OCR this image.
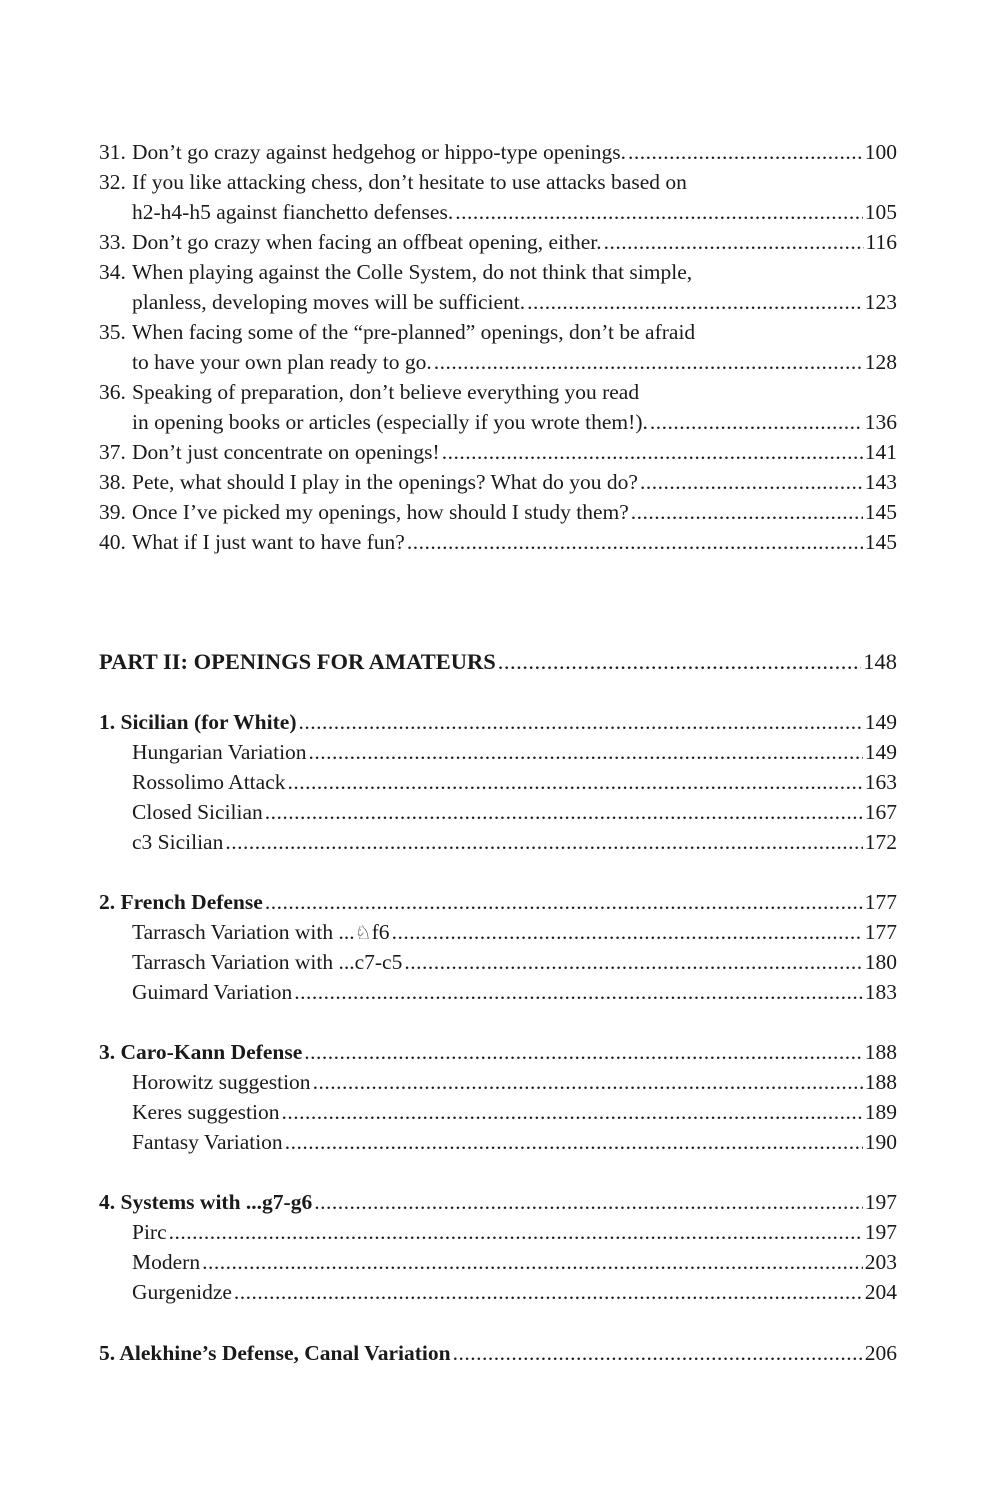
31. Don’t go crazy against hedgehog or hippo-type openings. .....	100
32. If you like attacking chess, don’t hesitate to use attacks based on
h2-h4-h5 against fianchetto defenses. .....	105
33. Don’t go crazy when facing an offbeat opening, either. .....	116
34. When playing against the Colle System, do not think that simple,
planless, developing moves will be sufficient. .....	123
35. When facing some of the “pre-planned” openings, don’t be afraid
to have your own plan ready to go. .....	128
36. Speaking of preparation, don’t believe everything you read
in opening books or articles (especially if you wrote them!). .....	136
37. Don’t just concentrate on openings! .....	141
38. Pete, what should I play in the openings? What do you do? .....	143
39. Once I’ve picked my openings, how should I study them? .....	145
40. What if I just want to have fun? .....	145
PART II: OPENINGS FOR AMATEURS .....	148
1. Sicilian (for White) .....	149
Hungarian Variation .....	149
Rossolimo Attack .....	163
Closed Sicilian .....	167
c3 Sicilian .....	172
2. French Defense .....	177
Tarrasch Variation with ...♘f6 .....	177
Tarrasch Variation with ...c7-c5 .....	180
Guimard Variation .....	183
3. Caro-Kann Defense .....	188
Horowitz suggestion .....	188
Keres suggestion .....	189
Fantasy Variation .....	190
4. Systems with ...g7-g6 .....	197
Pirc .....	197
Modern .....	203
Gurgenidze .....	204
5. Alekhine’s Defense, Canal Variation .....	206
